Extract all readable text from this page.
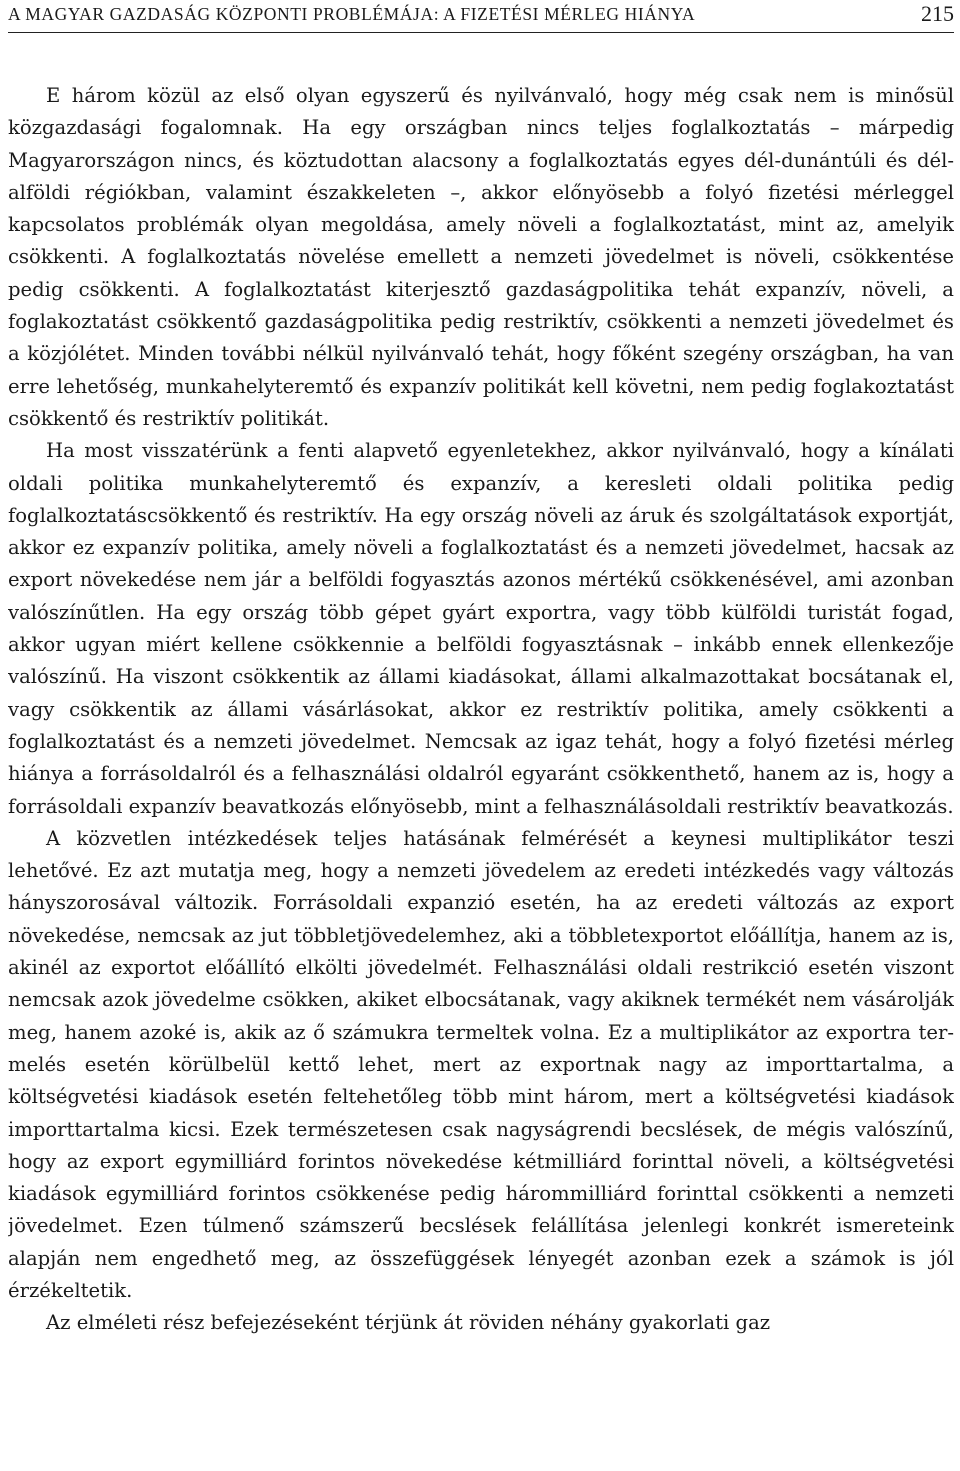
A MAGYAR GAZDASÁG KÖZPONTI PROBLÉMÁJA: A FIZETÉSI MÉRLEG HIÁNYA	215

E három közül az első olyan egyszerű és nyilvánvaló, hogy még csak nem is minősül közgazdasági fogalomnak. Ha egy országban nincs teljes foglalkoztatás – márpedig Magyarországon nincs, és köztudottan alacsony a foglalkoztatás egyes dél-dunántúli és dél-alföldi régiókban, valamint északkeleten –, akkor előnyösebb a folyó fizetési mérleggel kapcsolatos problémák olyan megoldása, amely növeli a foglalkoztatást, mint az, amelyik csökkenti. A foglalkoztatás növelése emellett a nemzeti jövedelmet is növeli, csökkentése pedig csökkenti. A foglalkoztatást kiterjesztő gazdaságpolitika tehát expanzív, növeli, a foglakoztatást csökkentő gazdaságpolitika pedig restriktív, csökkenti a nemzeti jövedelmet és a közjólétet. Minden további nélkül nyilvánvaló tehát, hogy főként szegény országban, ha van erre lehetőség, munkahelyteremtő és expanzív politikát kell követni, nem pedig foglakoztatást csökkentő és restriktív politikát.

Ha most visszatérünk a fenti alapvető egyenletekhez, akkor nyilvánvaló, hogy a kínálati oldali politika munkahelyteremtő és expanzív, a keresleti oldali politika pedig foglalkoztatáscsökkentő és restriktív. Ha egy ország növeli az áruk és szolgáltatások exportját, akkor ez expanzív politika, amely növeli a foglalkoztatást és a nemzeti jövedelmet, hacsak az export növekedése nem jár a belföldi fogyasztás azonos mértékű csökkenésével, ami azonban valószínűtlen. Ha egy ország több gépet gyárt exportra, vagy több külföldi turistát fogad, akkor ugyan miért kellene csökkennie a belföldi fogyasztásnak – inkább ennek ellenkezője valószínű. Ha viszont csökkentik az állami kiadásokat, állami alkalmazottakat bocsátanak el, vagy csökkentik az állami vásárlásokat, akkor ez restriktív politika, amely csökkenti a foglalkoztatást és a nemzeti jövedelmet. Nemcsak az igaz tehát, hogy a folyó fizetési mérleg hiánya a forrásoldalról és a felhasználási oldalról egyaránt csökkenthető, hanem az is, hogy a forrásoldali expanzív beavatkozás előnyösebb, mint a felhasználásoldali restriktív beavatkozás.

A közvetlen intézkedések teljes hatásának felmérését a keynesi multiplikátor teszi lehetővé. Ez azt mutatja meg, hogy a nemzeti jövedelem az eredeti intézkedés vagy változás hányszorosával változik. Forrásoldali expanzió esetén, ha az eredeti változás az export növekedése, nemcsak az jut többletjövedelemhez, aki a többletexportot előállítja, hanem az is, akinél az exportot előállító elkölti jövedelmét. Felhasználási oldali restrikció esetén viszont nemcsak azok jövedelme csökken, akiket elbocsátanak, vagy akiknek termékét nem vásárolják meg, hanem azoké is, akik az ő számukra termeltek volna. Ez a multiplikátor az exportra termelés esetén körülbelül kettő lehet, mert az exportnak nagy az importtartalma, a költségvetési kiadások esetén feltehetőleg több mint három, mert a költségvetési kiadások importtartalma kicsi. Ezek természetesen csak nagyságrendi becslések, de mégis valószínű, hogy az export egymilliárd forintos növekedése kétmilliárd forinttal növeli, a költségvetési kiadások egymilliárd forintos csökkenése pedig hárommilliárd forinttal csökkenti a nemzeti jövedelmet. Ezen túlmenő számszerű becslések felállítása jelenlegi konkrét ismereteink alapján nem engedhető meg, az összefüggések lényegét azonban ezek a számok is jól érzékeltetik.

Az elméleti rész befejezéseként térjünk át röviden néhány gyakorlati gaz
